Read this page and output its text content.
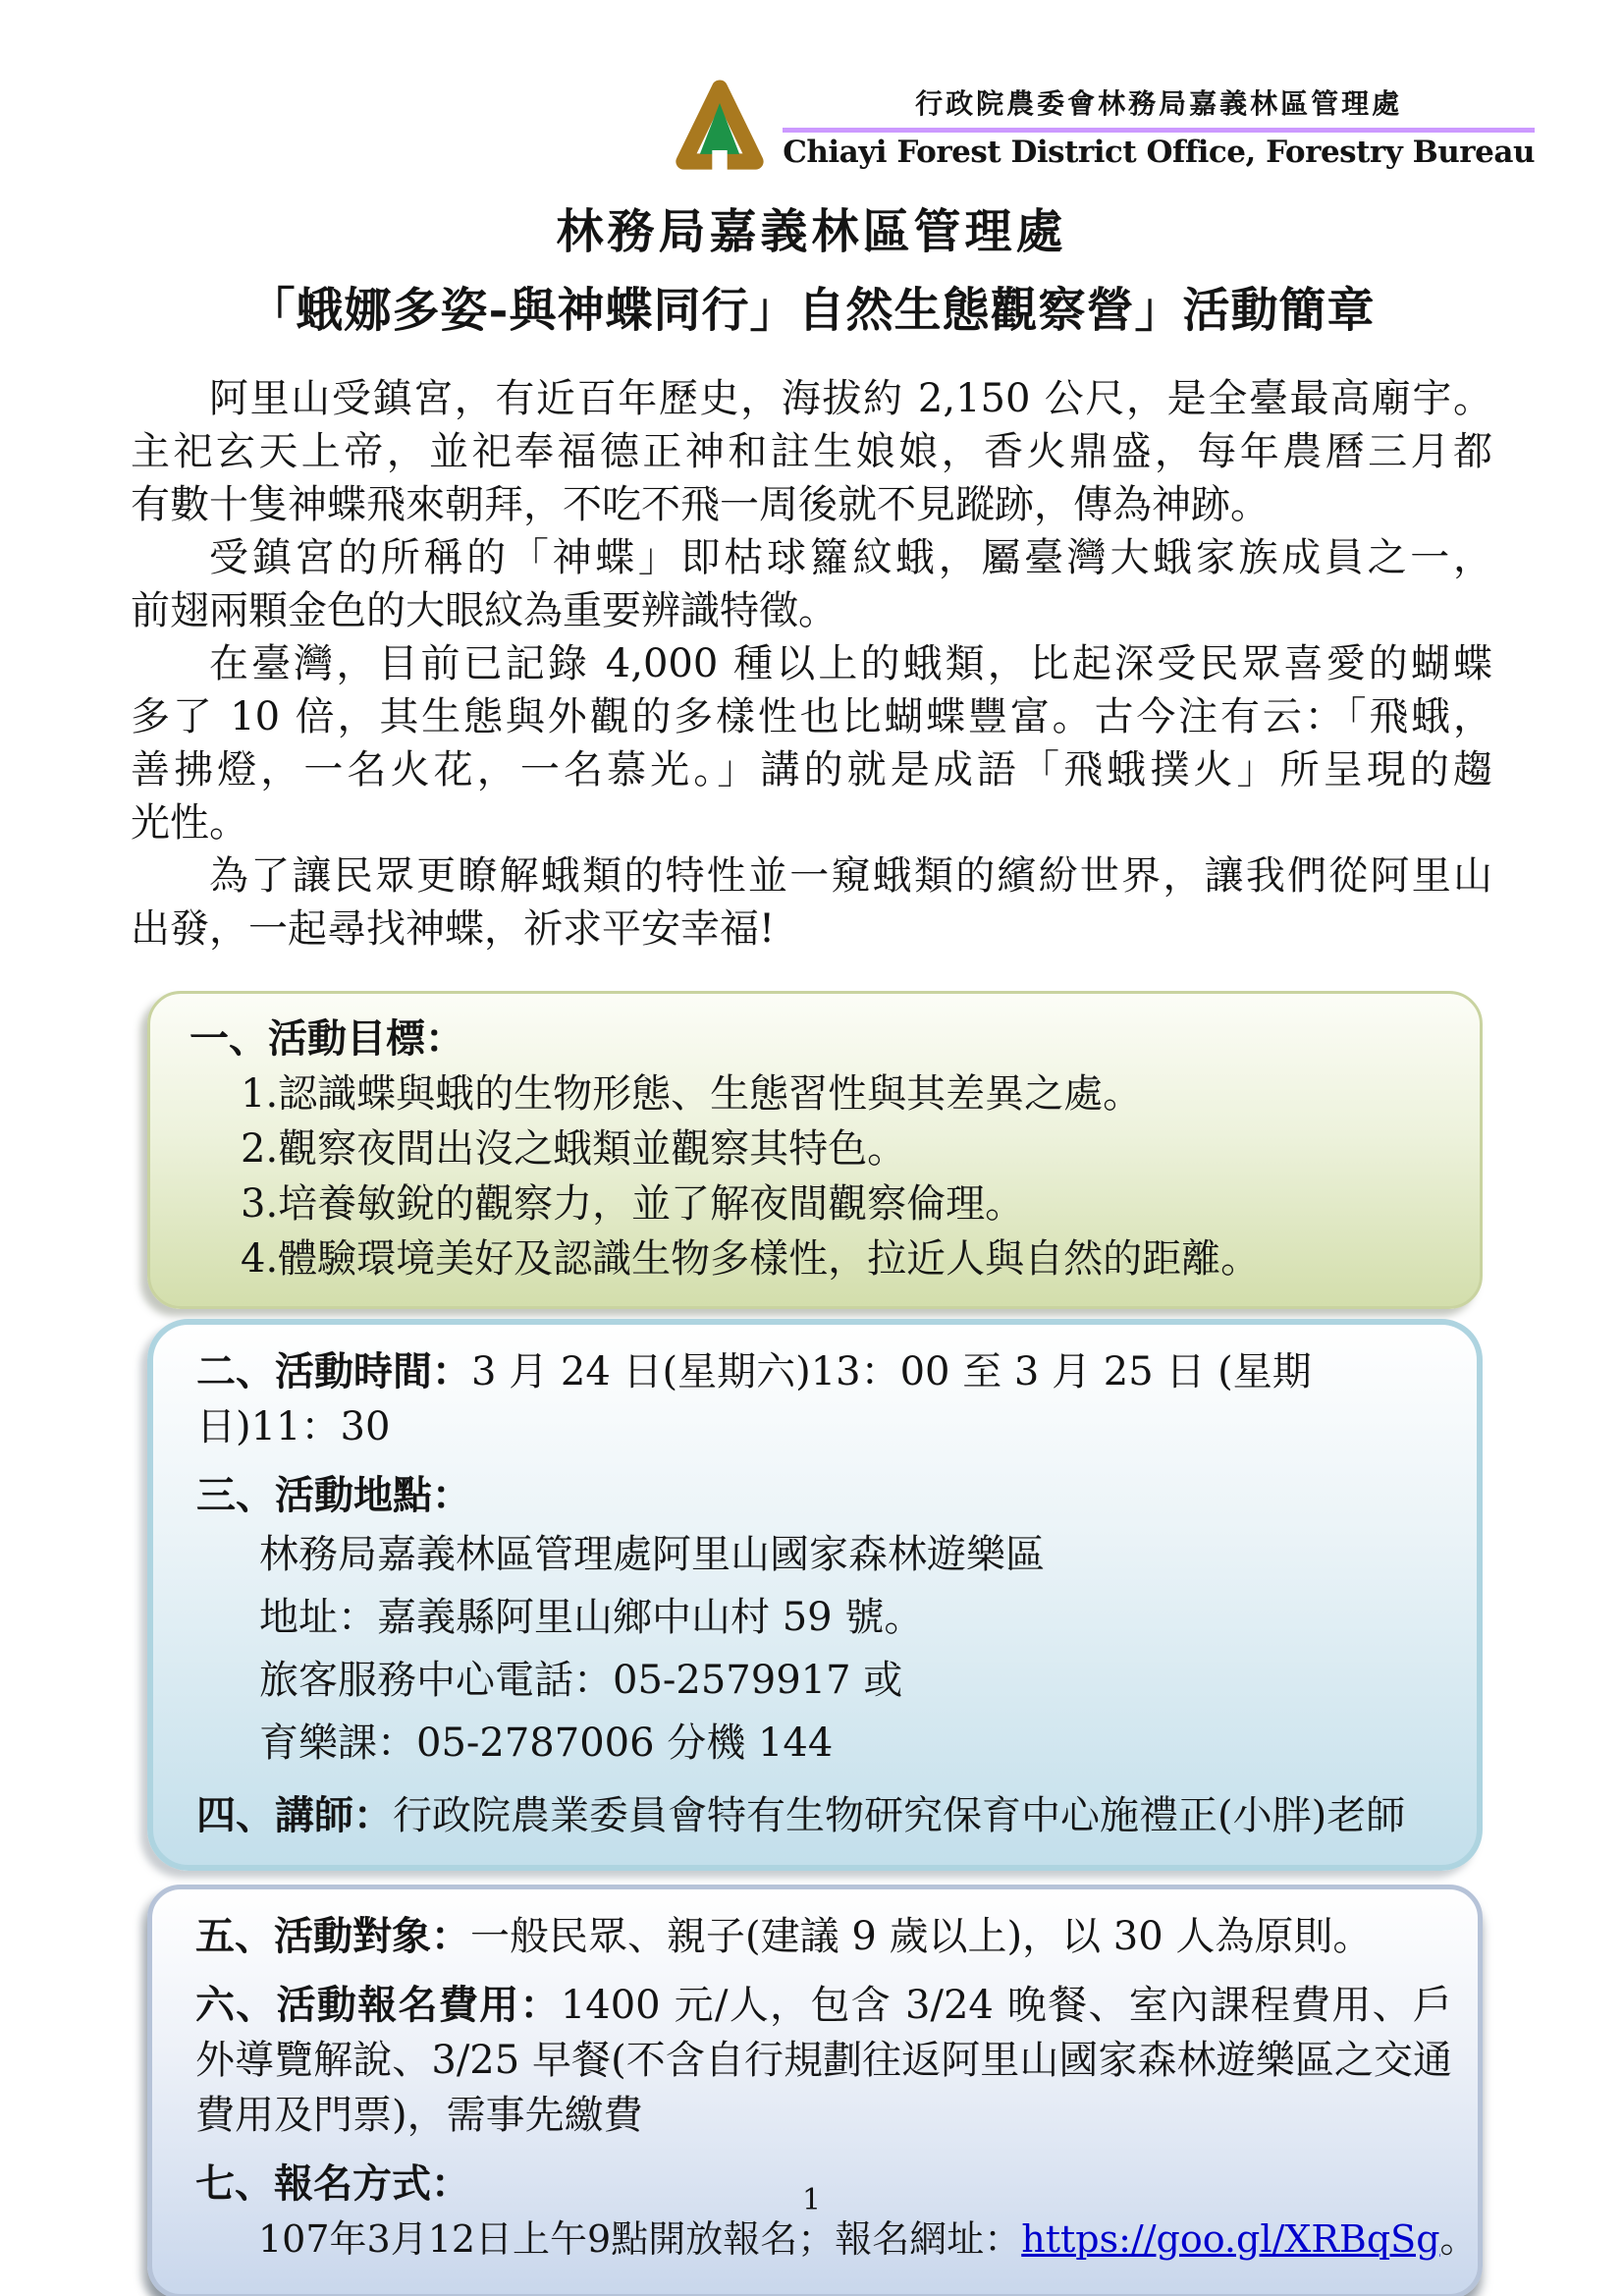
行政院農委會林務局嘉義林區管理處
Chiayi Forest District Office, Forestry Bureau
林務局嘉義林區管理處
「蛾娜多姿-與神蝶同行」自然生態觀察營」活動簡章
阿里山受鎮宮，有近百年歷史，海拔約 2,150 公尺，是全臺最高廟宇。
主祀玄天上帝，並祀奉福德正神和註生娘娘，香火鼎盛，每年農曆三月都
有數十隻神蝶飛來朝拜，不吃不飛一周後就不見蹤跡，傳為神跡。
受鎮宮的所稱的「神蝶」即枯球籮紋蛾，屬臺灣大蛾家族成員之一，
前翅兩顆金色的大眼紋為重要辨識特徵。
在臺灣，目前已記錄 4,000 種以上的蛾類，比起深受民眾喜愛的蝴蝶
多了 10 倍，其生態與外觀的多樣性也比蝴蝶豐富。古今注有云：「飛蛾，
善拂燈，一名火花，一名慕光。」講的就是成語「飛蛾撲火」所呈現的趨
光性。
為了讓民眾更瞭解蛾類的特性並一窺蛾類的繽紛世界，讓我們從阿里山
出發，一起尋找神蝶，祈求平安幸福!
一、活動目標：
1.認識蝶與蛾的生物形態、生態習性與其差異之處。
2.觀察夜間出沒之蛾類並觀察其特色。
3.培養敏銳的觀察力，並了解夜間觀察倫理。
4.體驗環境美好及認識生物多樣性，拉近人與自然的距離。
二、活動時間：3 月 24 日(星期六)13：00 至 3 月 25 日 (星期日)11：30
三、活動地點：
林務局嘉義林區管理處阿里山國家森林遊樂區
地址：嘉義縣阿里山鄉中山村 59 號。
旅客服務中心電話：05-2579917 或
育樂課：05-2787006 分機 144
四、講師：行政院農業委員會特有生物研究保育中心施禮正(小胖)老師
五、活動對象：一般民眾、親子(建議 9 歲以上)，以 30 人為原則。
六、活動報名費用：1400 元/人，包含 3/24 晚餐、室內課程費用、戶外導覽解說、3/25 早餐(不含自行規劃往返阿里山國家森林遊樂區之交通費用及門票)，需事先繳費
七、報名方式：
107年3月12日上午9點開放報名；報名網址：https://goo.gl/XRBqSg。
1
